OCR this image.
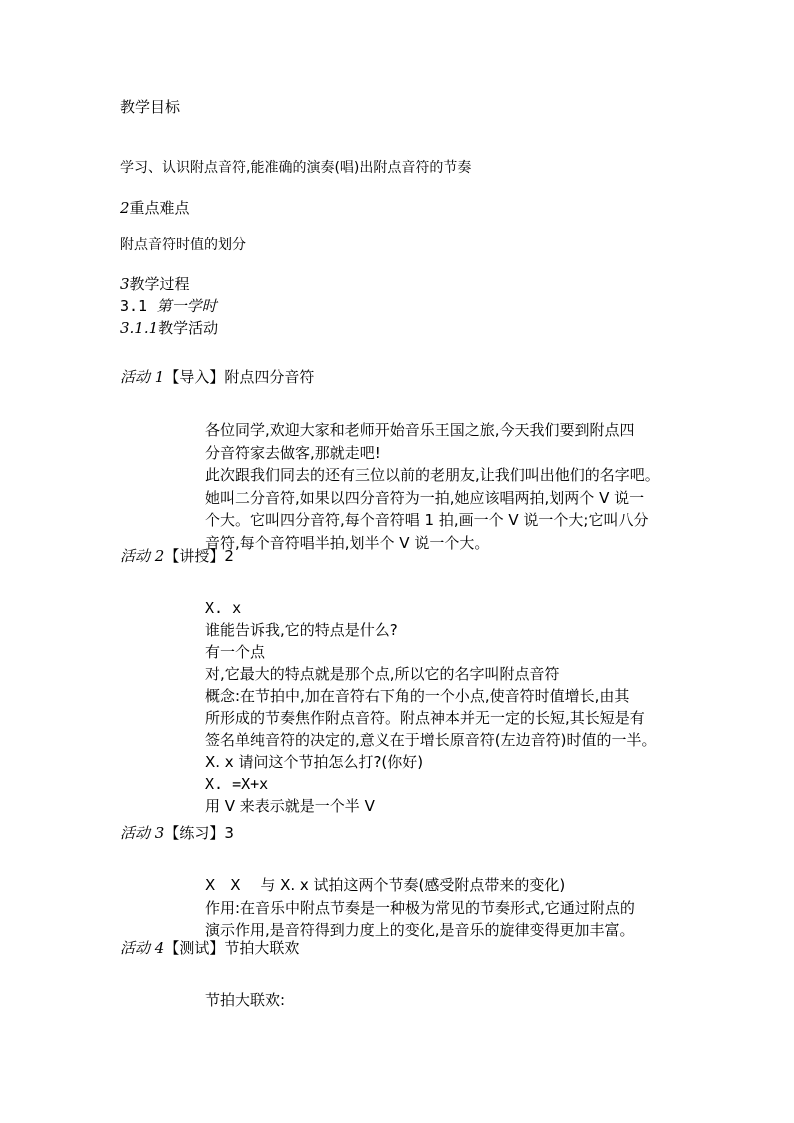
教学目标
学习、认识附点音符,能准确的演奏(唱)出附点音符的节奏
2重点难点
附点音符时值的划分
3教学过程
3.1 第一学时
3.1.1教学活动
活动 1【导入】附点四分音符
各位同学,欢迎大家和老师开始音乐王国之旅,今天我们要到附点四
分音符家去做客,那就走吧!
此次跟我们同去的还有三位以前的老朋友,让我们叫出他们的名字吧。
她叫二分音符,如果以四分音符为一拍,她应该唱两拍,划两个 V 说一
个大。它叫四分音符,每个音符唱 1 拍,画一个 V 说一个大;它叫八分
音符,每个音符唱半拍,划半个 V 说一个大。
活动 2【讲授】2
X. x
谁能告诉我,它的特点是什么?
有一个点
对,它最大的特点就是那个点,所以它的名字叫附点音符
概念:在节拍中,加在音符右下角的一个小点,使音符时值增长,由其
所形成的节奏焦作附点音符。附点神本并无一定的长短,其长短是有
签名单纯音符的决定的,意义在于增长原音符(左边音符)时值的一半。
X. x 请问这个节拍怎么打?(你好)
X. =X+x
用 V 来表示就是一个半 V
活动 3【练习】3
X　X　 与 X. x 试拍这两个节奏(感受附点带来的变化)
作用:在音乐中附点节奏是一种极为常见的节奏形式,它通过附点的
演示作用,是音符得到力度上的变化,是音乐的旋律变得更加丰富。
活动 4【测试】节拍大联欢
节拍大联欢:
